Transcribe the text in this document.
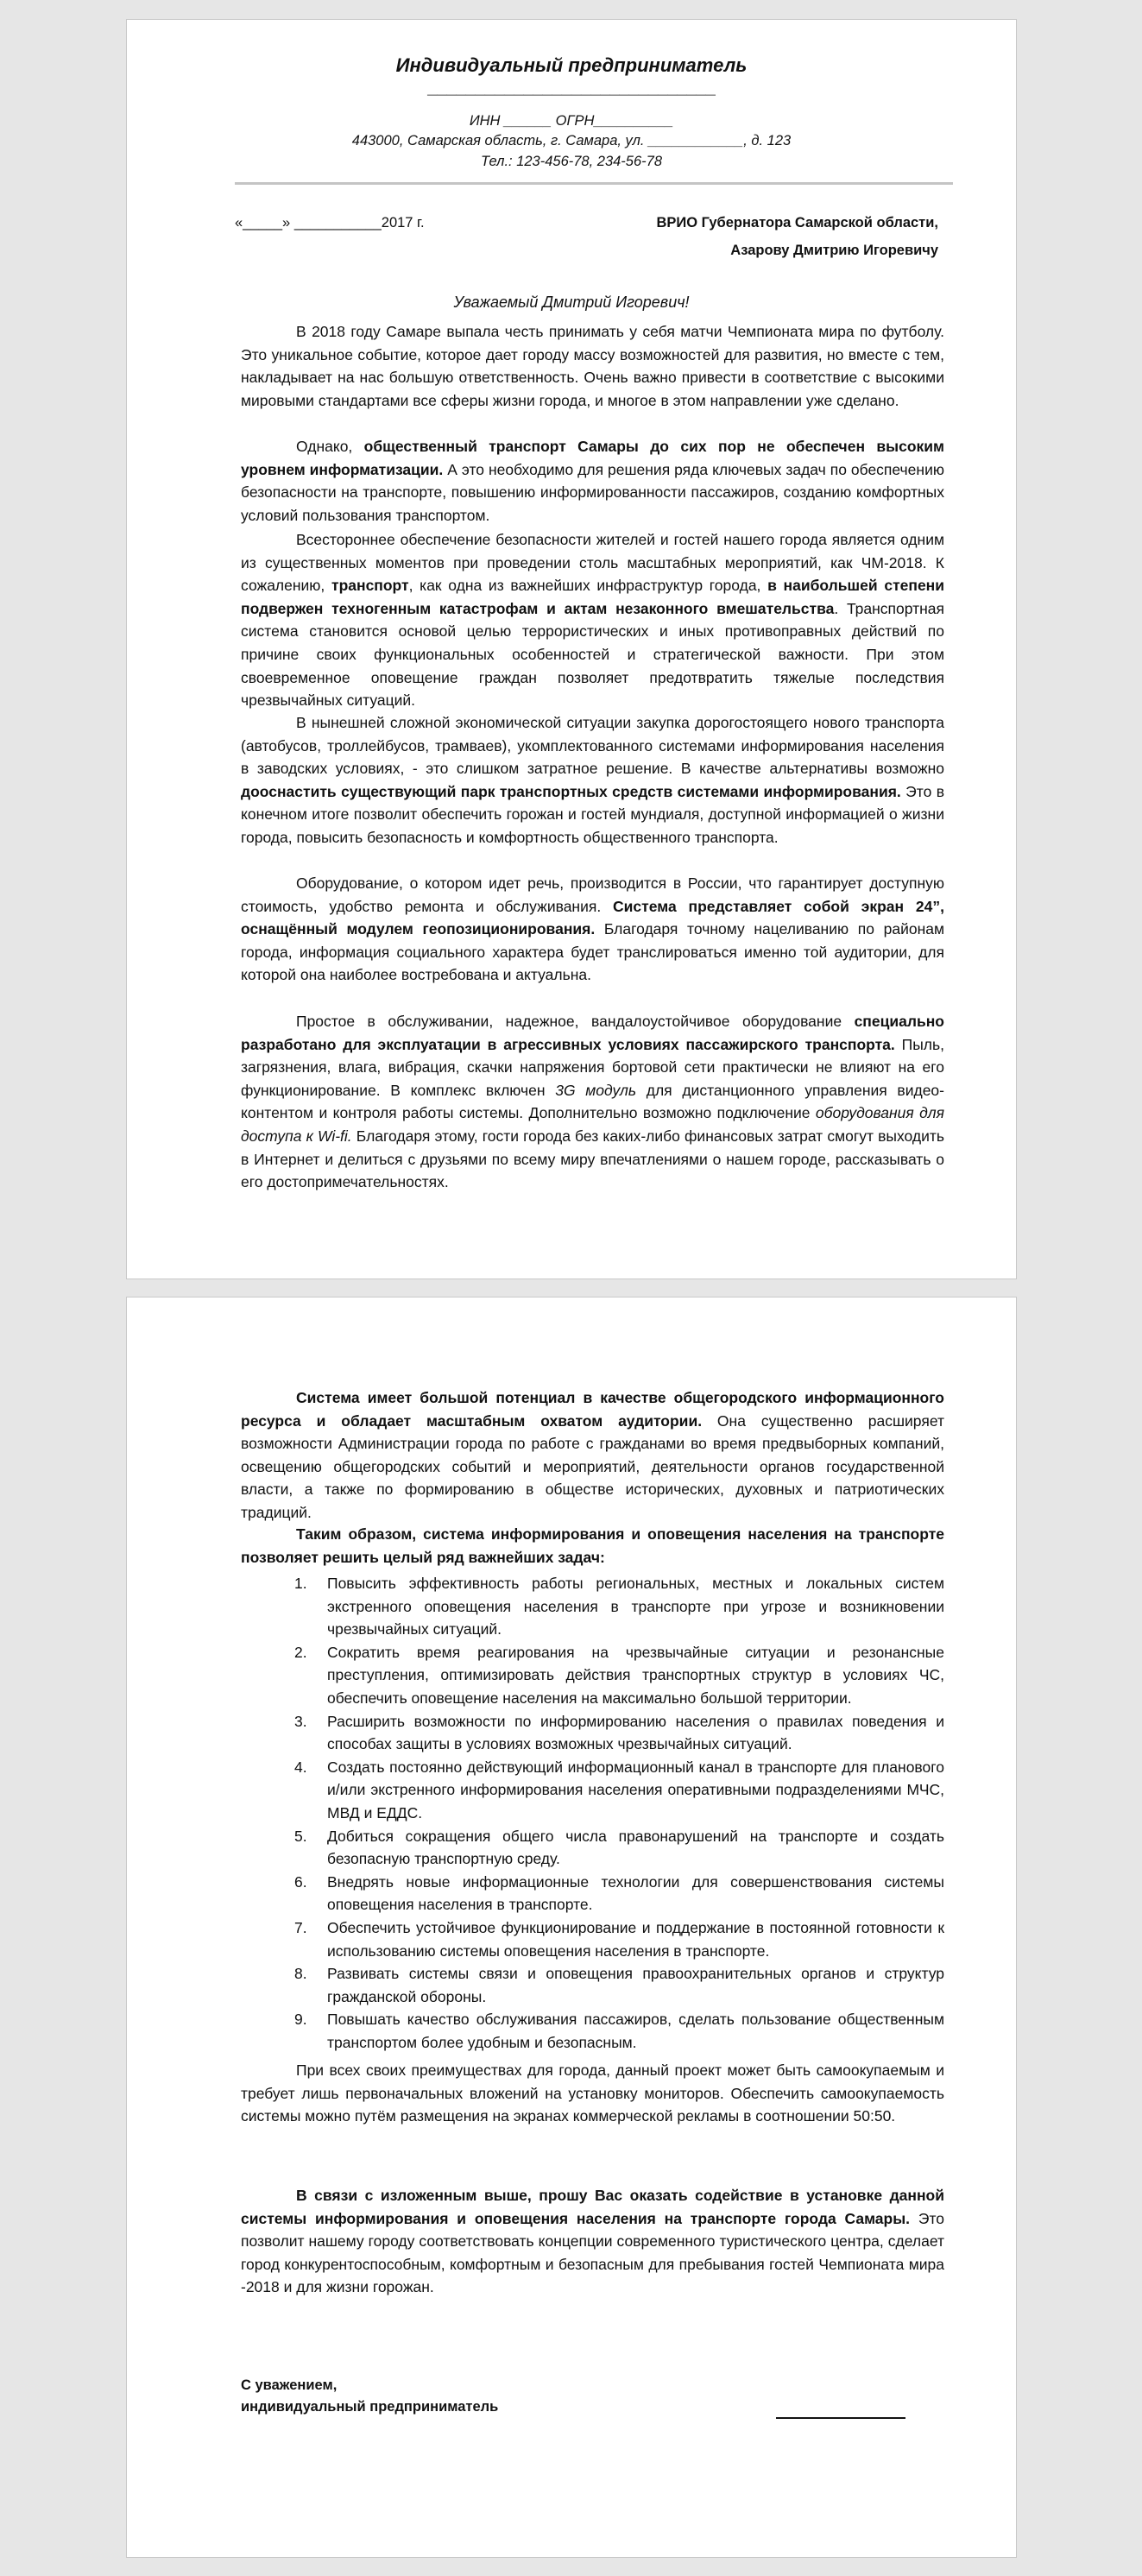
Индивидуальный предприниматель
______________________________
ИНН ______ ОГРН__________
443000, Самарская область, г. Самара, ул. ____________, д. 123
Тел.: 123-456-78, 234-56-78
«_____» ___________2017 г.	ВРИО Губернатора Самарской области,
Азарову Дмитрию Игоревичу
Уважаемый Дмитрий Игоревич!
В 2018 году Самаре выпала честь принимать у себя матчи Чемпионата мира по футболу. Это уникальное событие, которое дает городу массу возможностей для развития, но вместе с тем, накладывает на нас большую ответственность. Очень важно привести в соответствие с высокими мировыми стандартами все сферы жизни города, и многое в этом направлении уже сделано.
Однако, общественный транспорт Самары до сих пор не обеспечен высоким уровнем информатизации. А это необходимо для решения ряда ключевых задач по обеспечению безопасности на транспорте, повышению информированности пассажиров, созданию комфортных условий пользования транспортом.
Всестороннее обеспечение безопасности жителей и гостей нашего города является одним из существенных моментов при проведении столь масштабных мероприятий, как ЧМ-2018. К сожалению, транспорт, как одна из важнейших инфраструктур города, в наибольшей степени подвержен техногенным катастрофам и актам незаконного вмешательства. Транспортная система становится основой целью террористических и иных противоправных действий по причине своих функциональных особенностей и стратегической важности. При этом своевременное оповещение граждан позволяет предотвратить тяжелые последствия чрезвычайных ситуаций.
В нынешней сложной экономической ситуации закупка дорогостоящего нового транспорта (автобусов, троллейбусов, трамваев), укомплектованного системами информирования населения в заводских условиях, - это слишком затратное решение. В качестве альтернативы возможно дооснастить существующий парк транспортных средств системами информирования. Это в конечном итоге позволит обеспечить горожан и гостей мундиаля, доступной информацией о жизни города, повысить безопасность и комфортность общественного транспорта.
Оборудование, о котором идет речь, производится в России, что гарантирует доступную стоимость, удобство ремонта и обслуживания. Система представляет собой экран 24”, оснащённый модулем геопозиционирования. Благодаря точному нацеливанию по районам города, информация социального характера будет транслироваться именно той аудитории, для которой она наиболее востребована и актуальна.
Простое в обслуживании, надежное, вандалоустойчивое оборудование специально разработано для эксплуатации в агрессивных условиях пассажирского транспорта. Пыль, загрязнения, влага, вибрация, скачки напряжения бортовой сети практически не влияют на его функционирование. В комплекс включен 3G модуль для дистанционного управления видео-контентом и контроля работы системы. Дополнительно возможно подключение оборудования для доступа к Wi-fi. Благодаря этому, гости города без каких-либо финансовых затрат смогут выходить в Интернет и делиться с друзьями по всему миру впечатлениями о нашем городе, рассказывать о его достопримечательностях.
Система имеет большой потенциал в качестве общегородского информационного ресурса и обладает масштабным охватом аудитории. Она существенно расширяет возможности Администрации города по работе с гражданами во время предвыборных компаний, освещению общегородских событий и мероприятий, деятельности органов государственной власти, а также по формированию в обществе исторических, духовных и патриотических традиций.
Таким образом, система информирования и оповещения населения на транспорте позволяет решить целый ряд важнейших задач:
1. Повысить эффективность работы региональных, местных и локальных систем экстренного оповещения населения в транспорте при угрозе и возникновении чрезвычайных ситуаций.
2. Сократить время реагирования на чрезвычайные ситуации и резонансные преступления, оптимизировать действия транспортных структур в условиях ЧС, обеспечить оповещение населения на максимально большой территории.
3. Расширить возможности по информированию населения о правилах поведения и способах защиты в условиях возможных чрезвычайных ситуаций.
4. Создать постоянно действующий информационный канал в транспорте для планового и/или экстренного информирования населения оперативными подразделениями МЧС, МВД и ЕДДС.
5. Добиться сокращения общего числа правонарушений на транспорте и создать безопасную транспортную среду.
6. Внедрять новые информационные технологии для совершенствования системы оповещения населения в транспорте.
7. Обеспечить устойчивое функционирование и поддержание в постоянной готовности к использованию системы оповещения населения в транспорте.
8. Развивать системы связи и оповещения правоохранительных органов и структур гражданской обороны.
9. Повышать качество обслуживания пассажиров, сделать пользование общественным транспортом более удобным и безопасным.
При всех своих преимуществах для города, данный проект может быть самоокупаемым и требует лишь первоначальных вложений на установку мониторов. Обеспечить самоокупаемость системы можно путём размещения на экранах коммерческой рекламы в соотношении 50:50.
В связи с изложенным выше, прошу Вас оказать содействие в установке данной системы информирования и оповещения населения на транспорте города Самары. Это позволит нашему городу соответствовать концепции современного туристического центра, сделает город конкурентоспособным, комфортным и безопасным для пребывания гостей Чемпионата мира -2018 и для жизни горожан.
С уважением,
индивидуальный предприниматель
